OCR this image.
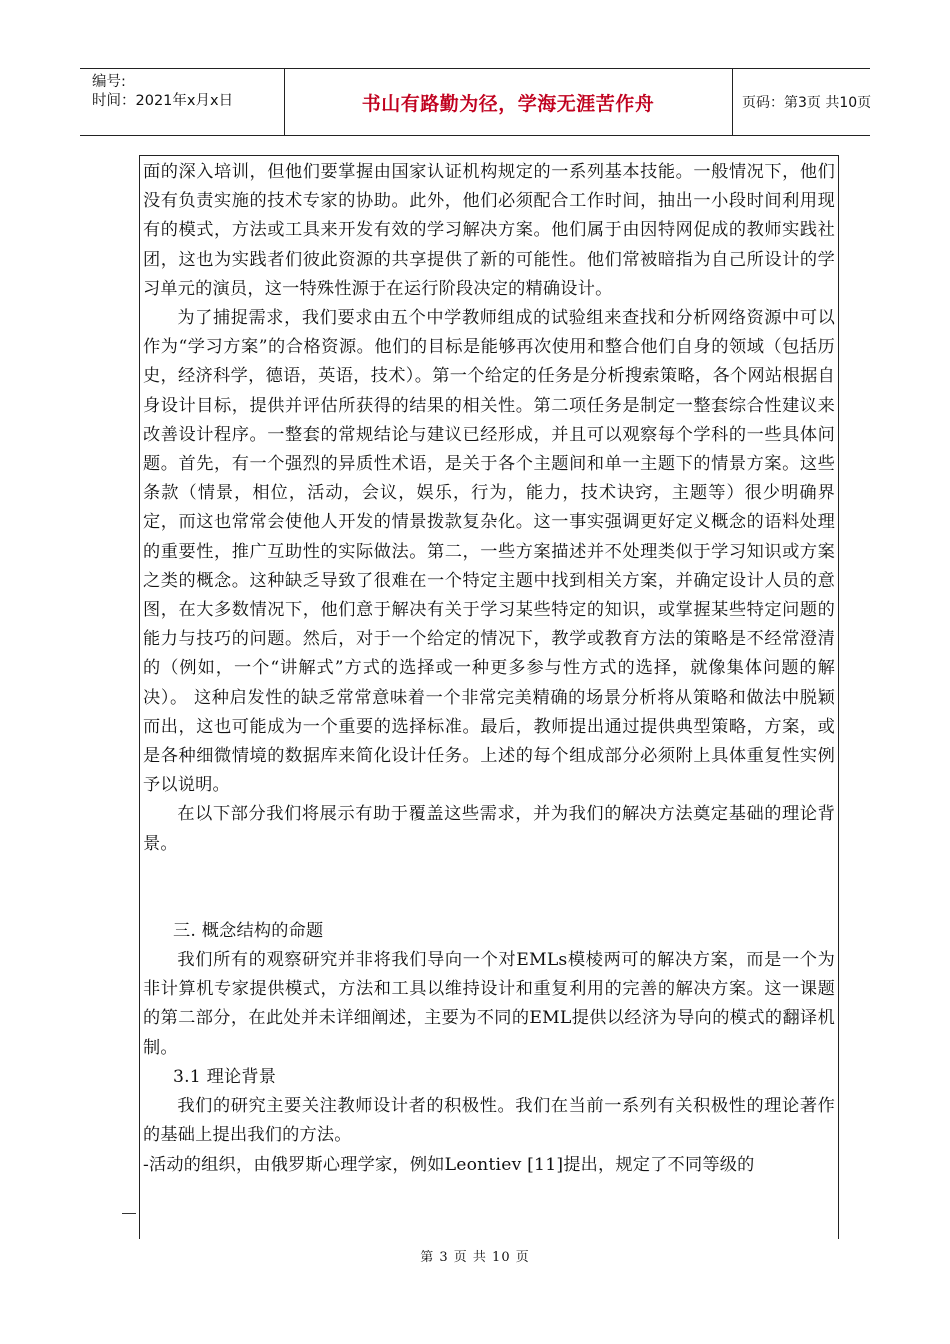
编号:
时间：2021年x月x日	书山有路勤为径，学海无涯苦作舟	页码：第3页 共10页

面的深入培训，但他们要掌握由国家认证机构规定的一系列基本技能。一般情况下，他们没有负责实施的技术专家的协助。此外，他们必须配合工作时间，抽出一小段时间利用现有的模式，方法或工具来开发有效的学习解决方案。他们属于由因特网促成的教师实践社团，这也为实践者们彼此资源的共享提供了新的可能性。他们常被暗指为自己所设计的学习单元的演员，这一特殊性源于在运行阶段决定的精确设计。

为了捕捉需求，我们要求由五个中学教师组成的试验组来查找和分析网络资源中可以作为“学习方案”的合格资源。他们的目标是能够再次使用和整合他们自身的领域（包括历史，经济科学，德语，英语，技术）。第一个给定的任务是分析搜索策略，各个网站根据自身设计目标，提供并评估所获得的结果的相关性。第二项任务是制定一整套综合性建议来改善设计程序。一整套的常规结论与建议已经形成，并且可以观察每个学科的一些具体问题。首先，有一个强烈的异质性术语，是关于各个主题间和单一主题下的情景方案。这些条款（情景，相位，活动，会议，娱乐，行为，能力，技术诀窍，主题等）很少明确界定，而这也常常会使他人开发的情景拨款复杂化。这一事实强调更好定义概念的语料处理的重要性，推广互助性的实际做法。第二，一些方案描述并不处理类似于学习知识或方案之类的概念。这种缺乏导致了很难在一个特定主题中找到相关方案，并确定设计人员的意图，在大多数情况下，他们意于解决有关于学习某些特定的知识，或掌握某些特定问题的能力与技巧的问题。然后，对于一个给定的情况下，教学或教育方法的策略是不经常澄清的（例如，一个“讲解式”方式的选择或一种更多参与性方式的选择，就像集体问题的解决）。 这种启发性的缺乏常常意味着一个非常完美精确的场景分析将从策略和做法中脱颖而出，这也可能成为一个重要的选择标准。最后，教师提出通过提供典型策略，方案，或是各种细微情境的数据库来简化设计任务。上述的每个组成部分必须附上具体重复性实例予以说明。

在以下部分我们将展示有助于覆盖这些需求，并为我们的解决方法奠定基础的理论背景。

三. 概念结构的命题

我们所有的观察研究并非将我们导向一个对EMLs模棱两可的解决方案，而是一个为非计算机专家提供模式，方法和工具以维持设计和重复利用的完善的解决方案。这一课题的第二部分，在此处并未详细阐述，主要为不同的EML提供以经济为导向的模式的翻译机制。

3.1 理论背景

我们的研究主要关注教师设计者的积极性。我们在当前一系列有关积极性的理论著作的基础上提出我们的方法。

-活动的组织，由俄罗斯心理学家，例如Leontiev [11]提出，规定了不同等级的

第 3 页 共 10 页
